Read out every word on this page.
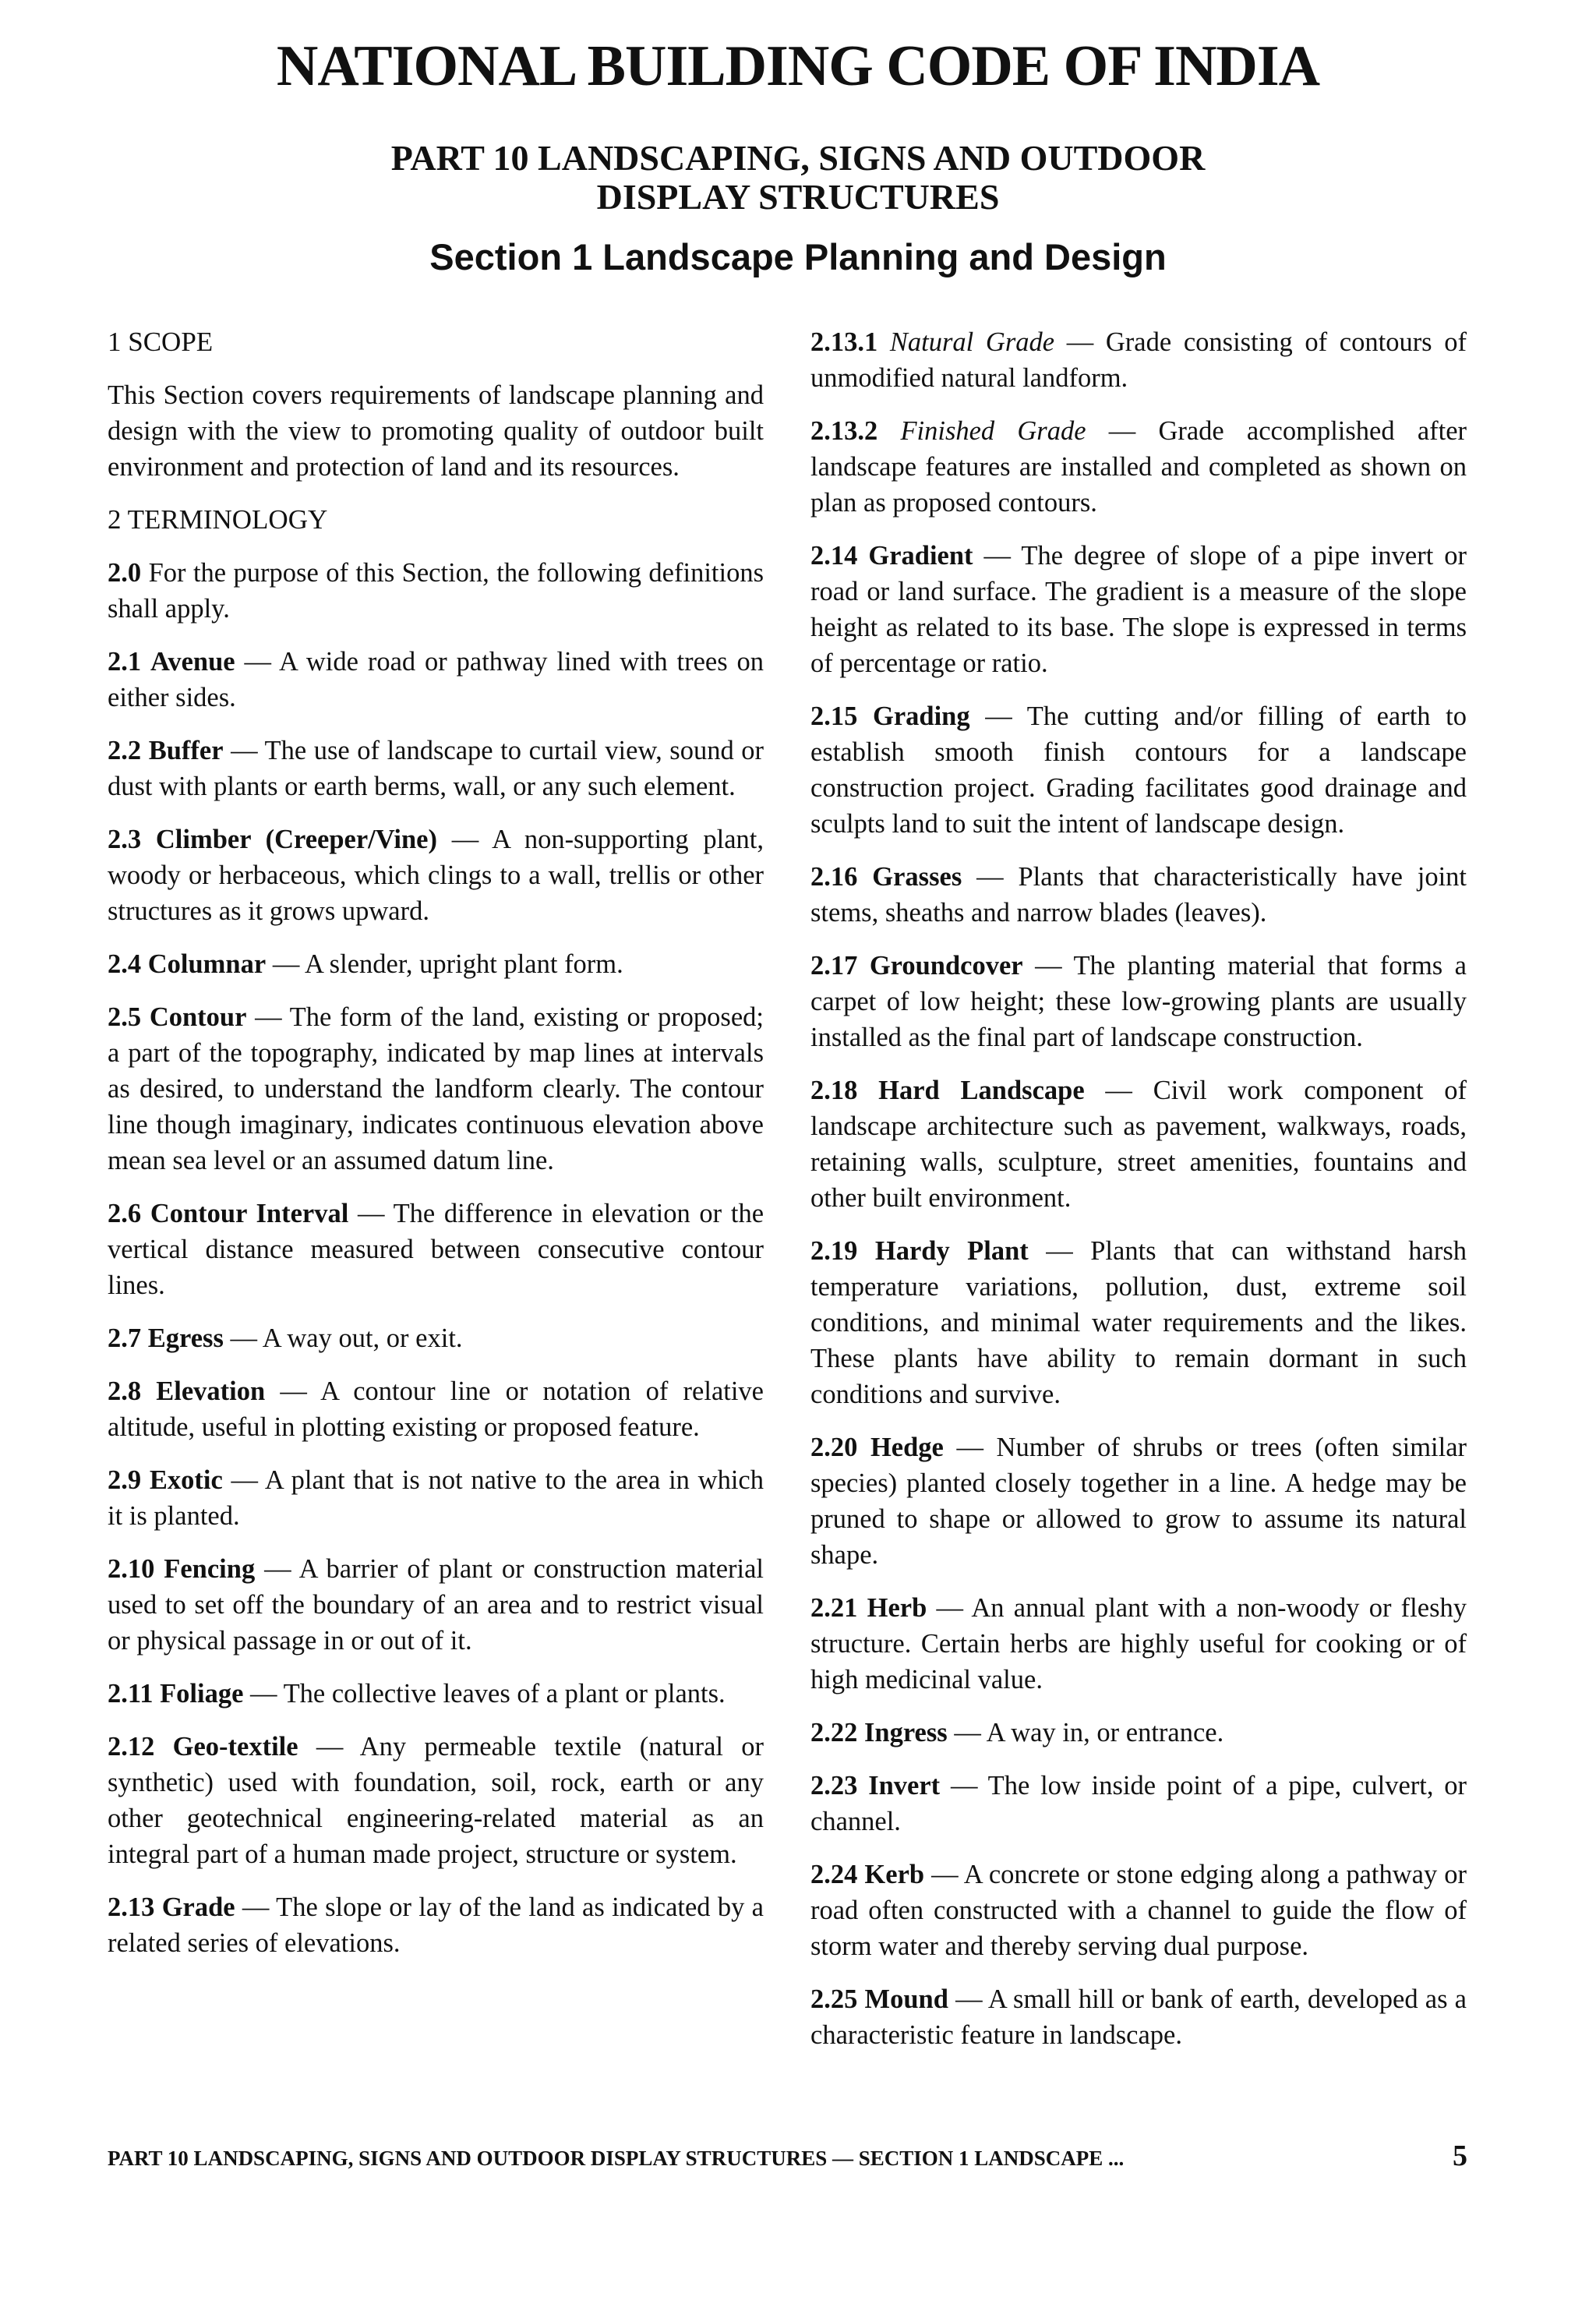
NATIONAL BUILDING CODE OF INDIA
PART 10 LANDSCAPING, SIGNS AND OUTDOOR
DISPLAY STRUCTURES
Section 1 Landscape Planning and Design
1 SCOPE

This Section covers requirements of landscape planning and design with the view to promoting quality of outdoor built environment and protection of land and its resources.

2 TERMINOLOGY

2.0 For the purpose of this Section, the following definitions shall apply.

2.1 Avenue — A wide road or pathway lined with trees on either sides.

2.2 Buffer — The use of landscape to curtail view, sound or dust with plants or earth berms, wall, or any such element.

2.3 Climber (Creeper/Vine) — A non-supporting plant, woody or herbaceous, which clings to a wall, trellis or other structures as it grows upward.

2.4 Columnar — A slender, upright plant form.

2.5 Contour — The form of the land, existing or proposed; a part of the topography, indicated by map lines at intervals as desired, to understand the landform clearly. The contour line though imaginary, indicates continuous elevation above mean sea level or an assumed datum line.

2.6 Contour Interval — The difference in elevation or the vertical distance measured between consecutive contour lines.

2.7 Egress — A way out, or exit.

2.8 Elevation — A contour line or notation of relative altitude, useful in plotting existing or proposed feature.

2.9 Exotic — A plant that is not native to the area in which it is planted.

2.10 Fencing — A barrier of plant or construction material used to set off the boundary of an area and to restrict visual or physical passage in or out of it.

2.11 Foliage — The collective leaves of a plant or plants.

2.12 Geo-textile — Any permeable textile (natural or synthetic) used with foundation, soil, rock, earth or any other geotechnical engineering-related material as an integral part of a human made project, structure or system.

2.13 Grade — The slope or lay of the land as indicated by a related series of elevations.

2.13.1 Natural Grade — Grade consisting of contours of unmodified natural landform.

2.13.2 Finished Grade — Grade accomplished after landscape features are installed and completed as shown on plan as proposed contours.

2.14 Gradient — The degree of slope of a pipe invert or road or land surface. The gradient is a measure of the slope height as related to its base. The slope is expressed in terms of percentage or ratio.

2.15 Grading — The cutting and/or filling of earth to establish smooth finish contours for a landscape construction project. Grading facilitates good drainage and sculpts land to suit the intent of landscape design.

2.16 Grasses — Plants that characteristically have joint stems, sheaths and narrow blades (leaves).

2.17 Groundcover — The planting material that forms a carpet of low height; these low-growing plants are usually installed as the final part of landscape construction.

2.18 Hard Landscape — Civil work component of landscape architecture such as pavement, walkways, roads, retaining walls, sculpture, street amenities, fountains and other built environment.

2.19 Hardy Plant — Plants that can withstand harsh temperature variations, pollution, dust, extreme soil conditions, and minimal water requirements and the likes. These plants have ability to remain dormant in such conditions and survive.

2.20 Hedge — Number of shrubs or trees (often similar species) planted closely together in a line. A hedge may be pruned to shape or allowed to grow to assume its natural shape.

2.21 Herb — An annual plant with a non-woody or fleshy structure. Certain herbs are highly useful for cooking or of high medicinal value.

2.22 Ingress — A way in, or entrance.

2.23 Invert — The low inside point of a pipe, culvert, or channel.

2.24 Kerb — A concrete or stone edging along a pathway or road often constructed with a channel to guide the flow of storm water and thereby serving dual purpose.

2.25 Mound — A small hill or bank of earth, developed as a characteristic feature in landscape.

PART 10 LANDSCAPING, SIGNS AND OUTDOOR DISPLAY STRUCTURES — SECTION 1 LANDSCAPE ...	5
